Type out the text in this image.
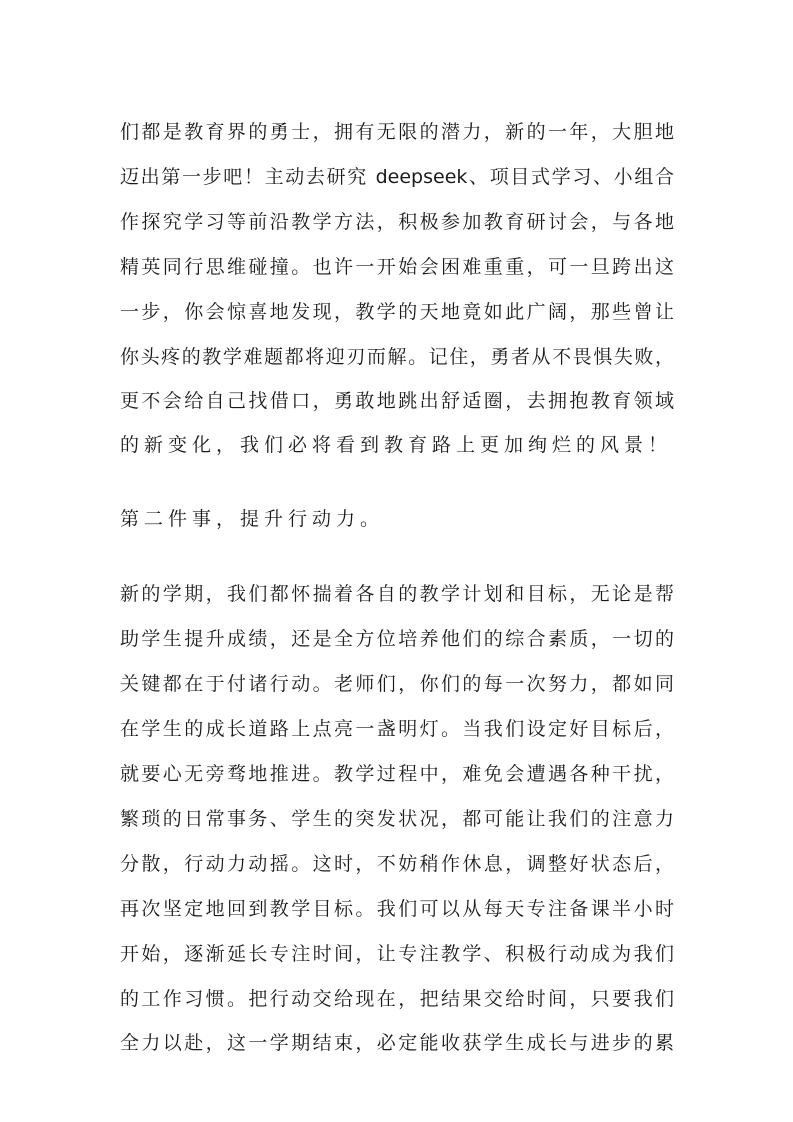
们都是教育界的勇士，拥有无限的潜力，新的一年，大胆地
迈出第一步吧！主动去研究 deepseek、项目式学习、小组合
作探究学习等前沿教学方法，积极参加教育研讨会，与各地
精英同行思维碰撞。也许一开始会困难重重，可一旦跨出这
一步，你会惊喜地发现，教学的天地竟如此广阔，那些曾让
你头疼的教学难题都将迎刃而解。记住，勇者从不畏惧失败，
更不会给自己找借口，勇敢地跳出舒适圈，去拥抱教育领域
的新变化，我们必将看到教育路上更加绚烂的风景！
第二件事，提升行动力。
新的学期，我们都怀揣着各自的教学计划和目标，无论是帮
助学生提升成绩，还是全方位培养他们的综合素质，一切的
关键都在于付诸行动。老师们，你们的每一次努力，都如同
在学生的成长道路上点亮一盏明灯。当我们设定好目标后，
就要心无旁骛地推进。教学过程中，难免会遭遇各种干扰，
繁琐的日常事务、学生的突发状况，都可能让我们的注意力
分散，行动力动摇。这时，不妨稍作休息，调整好状态后，
再次坚定地回到教学目标。我们可以从每天专注备课半小时
开始，逐渐延长专注时间，让专注教学、积极行动成为我们
的工作习惯。把行动交给现在，把结果交给时间，只要我们
全力以赴，这一学期结束，必定能收获学生成长与进步的累
